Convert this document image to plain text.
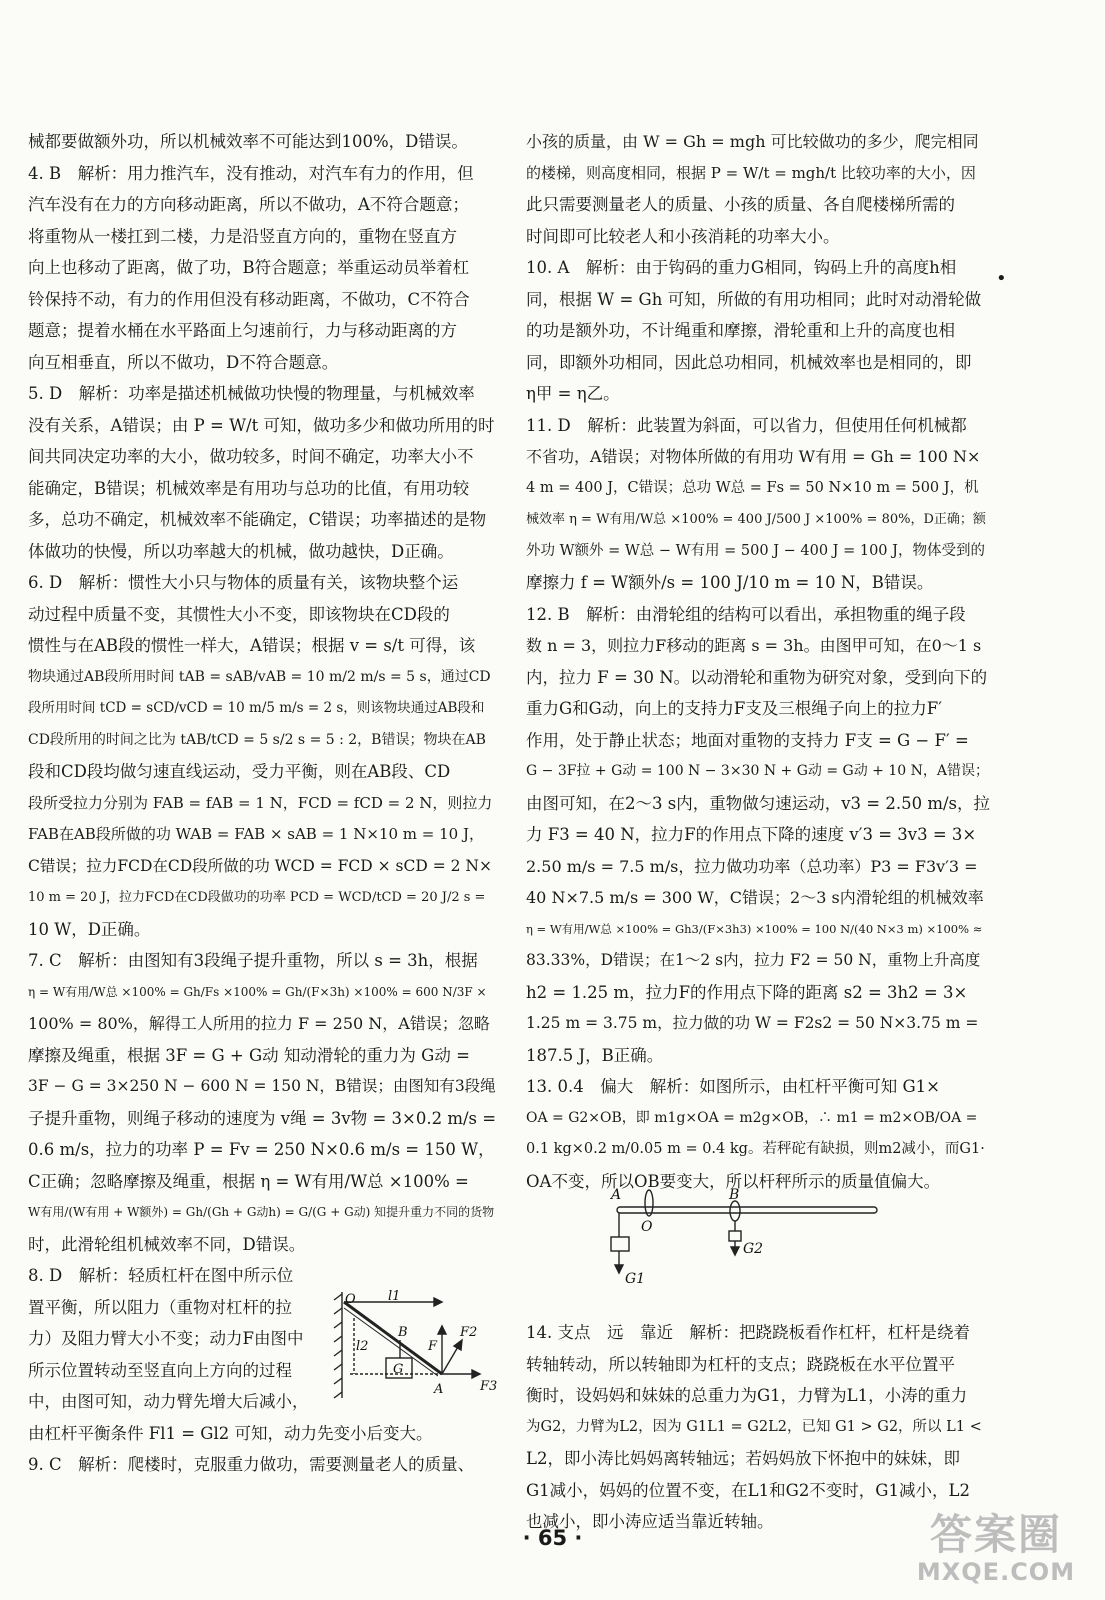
械都要做额外功，所以机械效率不可能达到100%，D错误。
4. B　解析：用力推汽车，没有推动，对汽车有力的作用，但
汽车没有在力的方向移动距离，所以不做功，A不符合题意；
将重物从一楼扛到二楼，力是沿竖直方向的，重物在竖直方
向上也移动了距离，做了功，B符合题意；举重运动员举着杠
铃保持不动，有力的作用但没有移动距离，不做功，C不符合
题意；提着水桶在水平路面上匀速前行，力与移动距离的方
向互相垂直，所以不做功，D不符合题意。
5. D　解析：功率是描述机械做功快慢的物理量，与机械效率
没有关系，A错误；由 P = W/t 可知，做功多少和做功所用的时
间共同决定功率的大小，做功较多，时间不确定，功率大小不
能确定，B错误；机械效率是有用功与总功的比值，有用功较
多，总功不确定，机械效率不能确定，C错误；功率描述的是物
体做功的快慢，所以功率越大的机械，做功越快，D正确。
6. D　解析：惯性大小只与物体的质量有关，该物块整个运
动过程中质量不变，其惯性大小不变，即该物块在CD段的
惯性与在AB段的惯性一样大，A错误；根据 v = s/t 可得，该
物块通过AB段所用时间 tAB = sAB/vAB = 10 m/2 m/s = 5 s，通过CD
段所用时间 tCD = sCD/vCD = 10 m/5 m/s = 2 s，则该物块通过AB段和
CD段所用的时间之比为 tAB/tCD = 5 s/2 s = 5 : 2，B错误；物块在AB
段和CD段均做匀速直线运动，受力平衡，则在AB段、CD
段所受拉力分别为 FAB = fAB = 1 N，FCD = fCD = 2 N，则拉力
FAB在AB段所做的功 WAB = FAB × sAB = 1 N×10 m = 10 J，
C错误；拉力FCD在CD段所做的功 WCD = FCD × sCD = 2 N×
10 m = 20 J，拉力FCD在CD段做功的功率 PCD = WCD/tCD = 20 J/2 s =
10 W，D正确。
7. C　解析：由图知有3段绳子提升重物，所以 s = 3h，根据
η = W有用/W总 ×100% = Gh/Fs ×100% = Gh/(F×3h) ×100% = 600 N/3F ×
100% = 80%，解得工人所用的拉力 F = 250 N，A错误；忽略
摩擦及绳重，根据 3F = G + G动 知动滑轮的重力为 G动 =
3F − G = 3×250 N − 600 N = 150 N，B错误；由图知有3段绳
子提升重物，则绳子移动的速度为 v绳 = 3v物 = 3×0.2 m/s =
0.6 m/s，拉力的功率 P = Fv = 250 N×0.6 m/s = 150 W，
C正确；忽略摩擦及绳重，根据 η = W有用/W总 ×100% =
W有用/(W有用 + W额外) = Gh/(Gh + G动h) = G/(G + G动) 知提升重力不同的货物
时，此滑轮组机械效率不同，D错误。
8. D　解析：轻质杠杆在图中所示位
置平衡，所以阻力（重物对杠杆的拉
力）及阻力臂大小不变；动力F由图中
所示位置转动至竖直向上方向的过程
中，由图可知，动力臂先增大后减小，
由杠杆平衡条件 Fl1 = Gl2 可知，动力先变小后变大。
9. C　解析：爬楼时，克服重力做功，需要测量老人的质量、
小孩的质量，由 W = Gh = mgh 可比较做功的多少，爬完相同
的楼梯，则高度相同，根据 P = W/t = mgh/t 比较功率的大小，因
此只需要测量老人的质量、小孩的质量、各自爬楼梯所需的
时间即可比较老人和小孩消耗的功率大小。
10. A　解析：由于钩码的重力G相同，钩码上升的高度h相
同，根据 W = Gh 可知，所做的有用功相同；此时对动滑轮做
的功是额外功，不计绳重和摩擦，滑轮重和上升的高度也相
同，即额外功相同，因此总功相同，机械效率也是相同的，即
η甲 = η乙。
11. D　解析：此装置为斜面，可以省力，但使用任何机械都
不省功，A错误；对物体所做的有用功 W有用 = Gh = 100 N×
4 m = 400 J，C错误；总功 W总 = Fs = 50 N×10 m = 500 J，机
械效率 η = W有用/W总 ×100% = 400 J/500 J ×100% = 80%，D正确；额
外功 W额外 = W总 − W有用 = 500 J − 400 J = 100 J，物体受到的
摩擦力 f = W额外/s = 100 J/10 m = 10 N，B错误。
12. B　解析：由滑轮组的结构可以看出，承担物重的绳子段
数 n = 3，则拉力F移动的距离 s = 3h。由图甲可知，在0～1 s
内，拉力 F = 30 N。以动滑轮和重物为研究对象，受到向下的
重力G和G动，向上的支持力F支及三根绳子向上的拉力F′
作用，处于静止状态；地面对重物的支持力 F支 = G − F′ =
G − 3F拉 + G动 = 100 N − 3×30 N + G动 = G动 + 10 N，A错误；
由图可知，在2～3 s内，重物做匀速运动，v3 = 2.50 m/s，拉
力 F3 = 40 N，拉力F的作用点下降的速度 v′3 = 3v3 = 3×
2.50 m/s = 7.5 m/s，拉力做功功率（总功率）P3 = F3v′3 =
40 N×7.5 m/s = 300 W，C错误；2～3 s内滑轮组的机械效率
η = W有用/W总 ×100% = Gh3/(F×3h3) ×100% = 100 N/(40 N×3 m) ×100% ≈
83.33%，D错误；在1～2 s内，拉力 F2 = 50 N，重物上升高度
h2 = 1.25 m，拉力F的作用点下降的距离 s2 = 3h2 = 3×
1.25 m = 3.75 m，拉力做的功 W = F2s2 = 50 N×3.75 m =
187.5 J，B正确。
13. 0.4　偏大　解析：如图所示，由杠杆平衡可知 G1×
OA = G2×OB，即 m1g×OA = m2g×OB，∴ m1 = m2×OB/OA =
0.1 kg×0.2 m/0.05 m = 0.4 kg。若秤砣有缺损，则m2减小，而G1·
OA不变，所以OB要变大，所以杆秤所示的质量值偏大。
14. 支点　远　靠近　解析：把跷跷板看作杠杆，杠杆是绕着
转轴转动，所以转轴即为杠杆的支点；跷跷板在水平位置平
衡时，设妈妈和妹妹的总重力为G1，力臂为L1，小涛的重力
为G2，力臂为L2，因为 G1L1 = G2L2，已知 G1 > G2，所以 L1 <
L2，即小涛比妈妈离转轴远；若妈妈放下怀抱中的妹妹，即
G1减小，妈妈的位置不变，在L1和G2不变时，G1减小，L2
也减小，即小涛应适当靠近转轴。
O l1
F2
B
F
l2
G
A	F3
A	B
O
G2
G1
•
· 65 ·	答案圈
MXQE.COM
